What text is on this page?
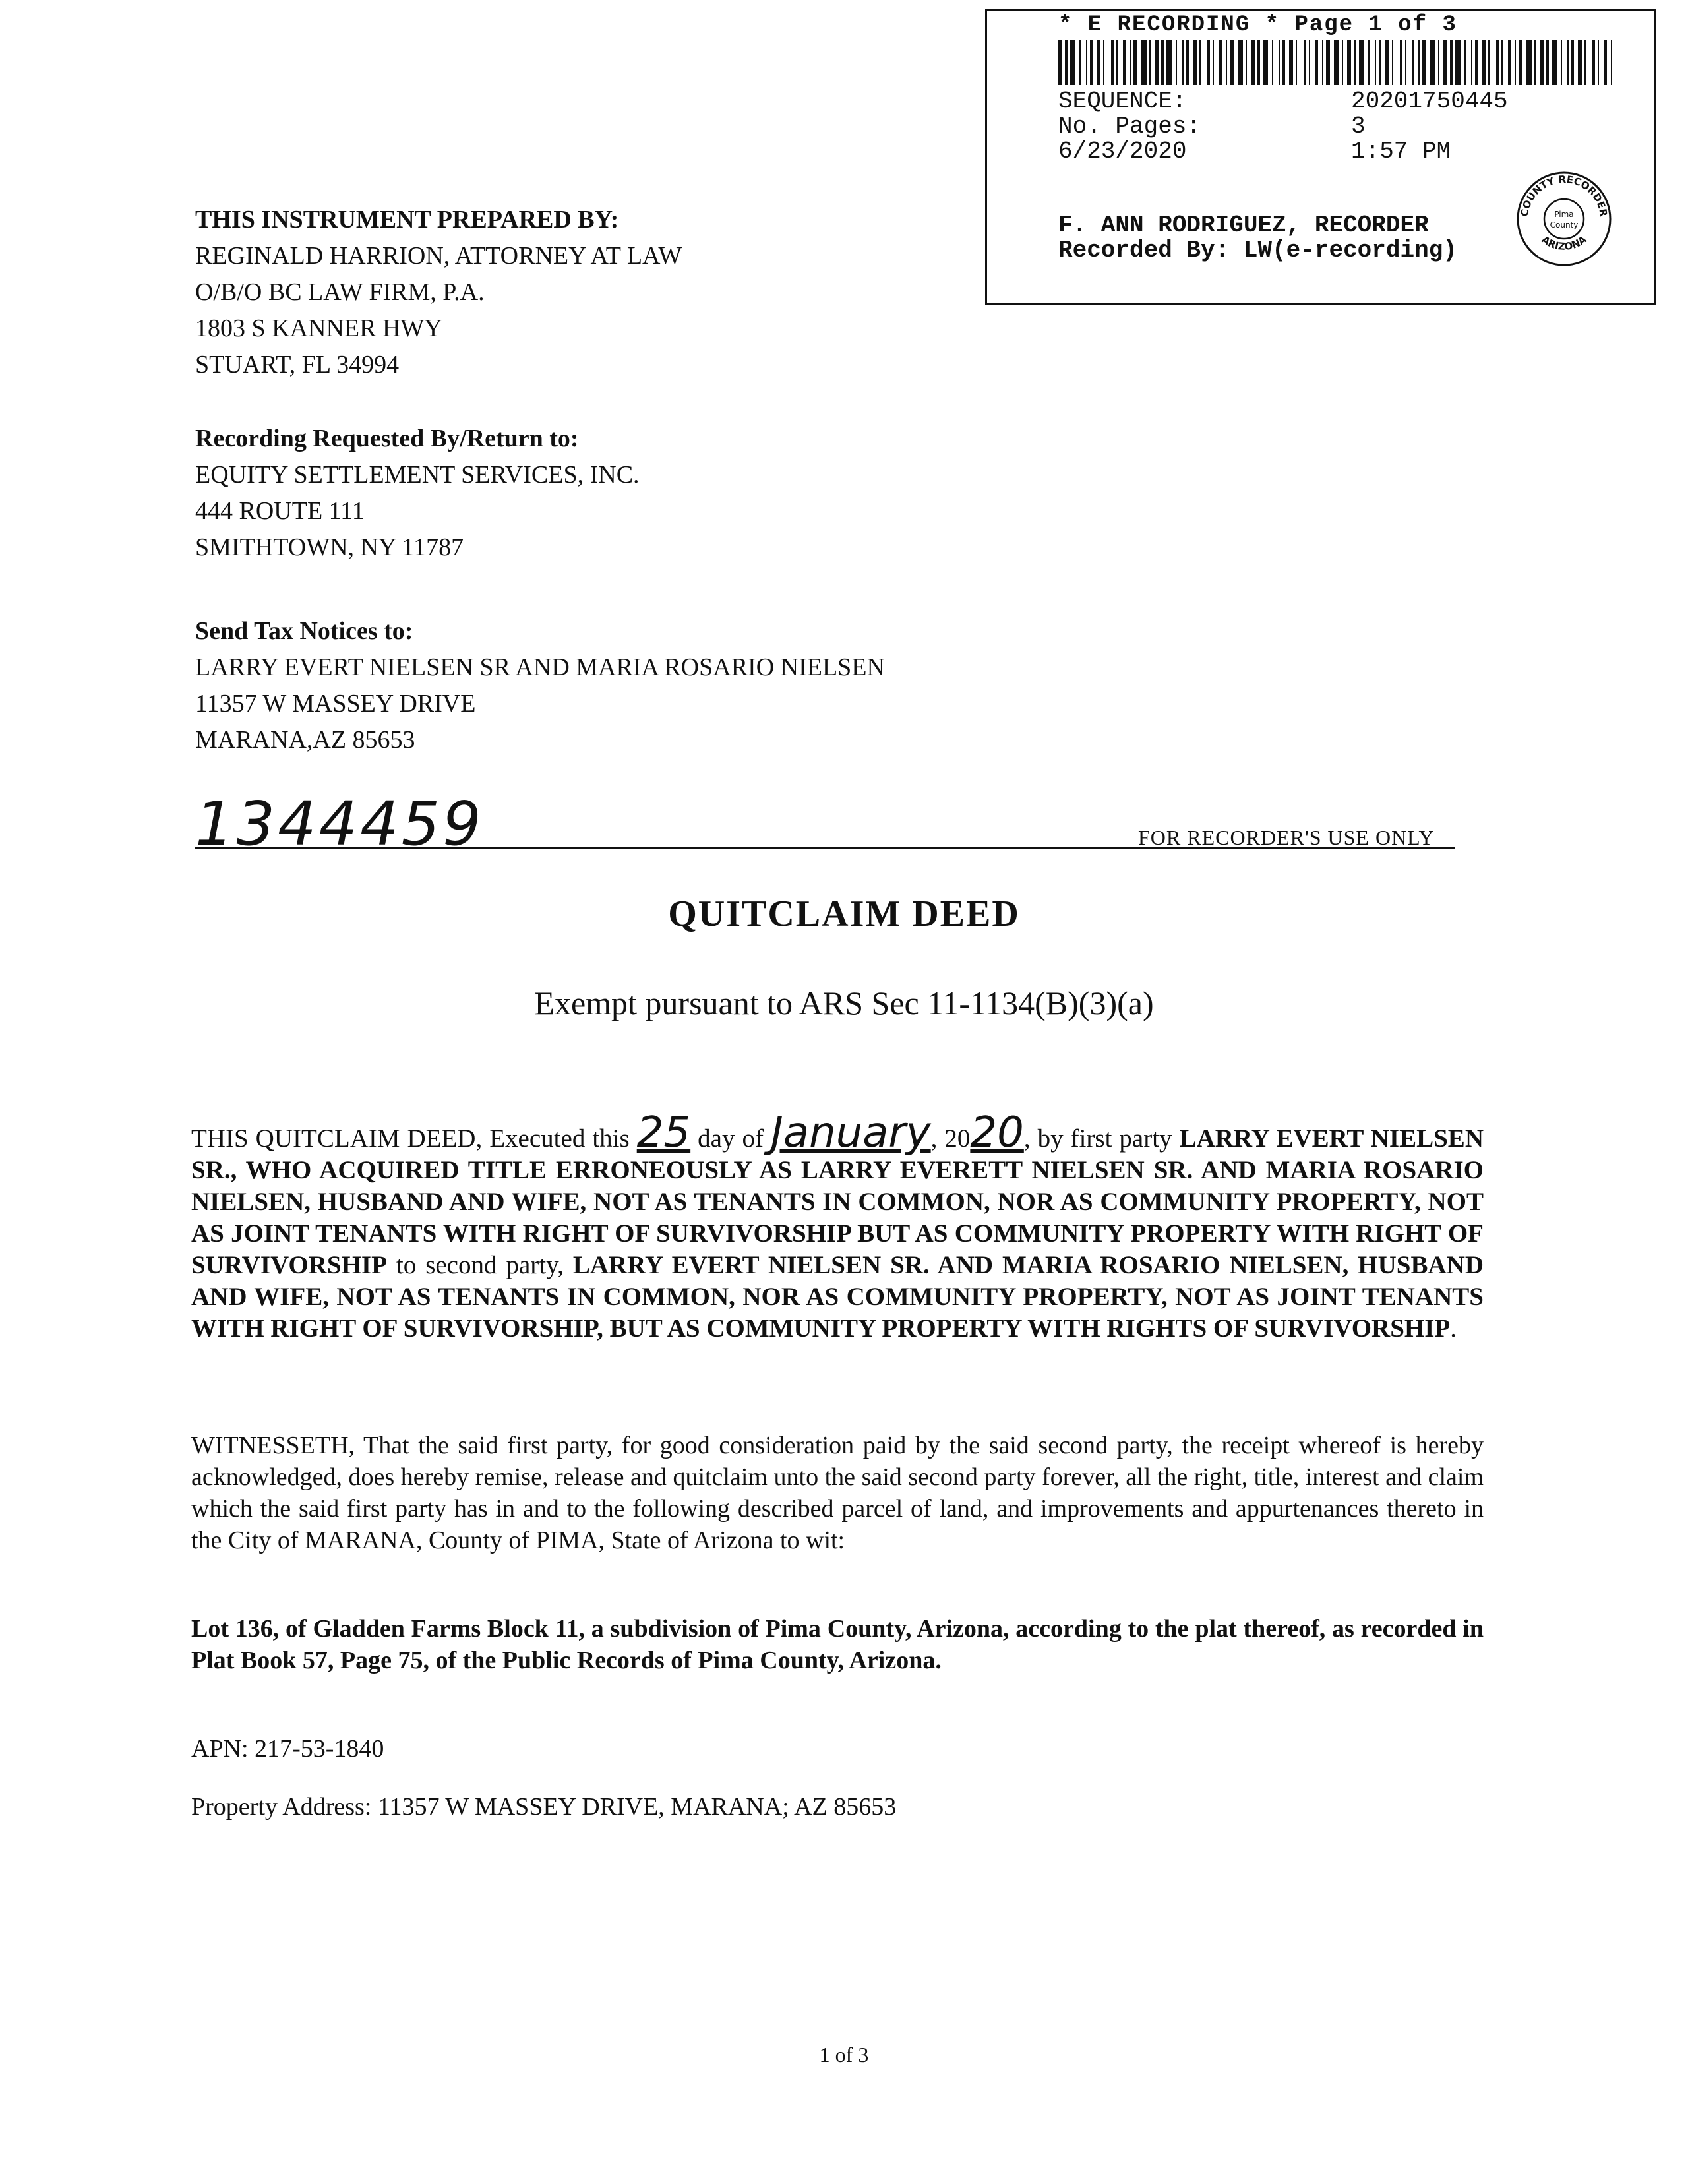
* E RECORDING * Page 1 of 3
SEQUENCE:	20201750445
No. Pages:	3
6/23/2020	1:57 PM
F. ANN RODRIGUEZ, RECORDER
Recorded By: LW(e-recording)
COUNTY RECORDER
ARIZONA
Pima
County
THIS INSTRUMENT PREPARED BY:
REGINALD HARRION, ATTORNEY AT LAW
O/B/O BC LAW FIRM, P.A.
1803 S KANNER HWY
STUART, FL 34994
Recording Requested By/Return to:
EQUITY SETTLEMENT SERVICES, INC.
444 ROUTE 111
SMITHTOWN, NY 11787
Send Tax Notices to:
LARRY EVERT NIELSEN SR AND MARIA ROSARIO NIELSEN
11357 W MASSEY DRIVE
MARANA,AZ 85653
1344459	FOR RECORDER'S USE ONLY
QUITCLAIM DEED
Exempt pursuant to ARS Sec 11-1134(B)(3)(a)
THIS QUITCLAIM DEED, Executed this 25 day of January, 2020, by first party LARRY EVERT NIELSEN SR., WHO ACQUIRED TITLE ERRONEOUSLY AS LARRY EVERETT NIELSEN SR. AND MARIA ROSARIO NIELSEN, HUSBAND AND WIFE, NOT AS TENANTS IN COMMON, NOR AS COMMUNITY PROPERTY, NOT AS JOINT TENANTS WITH RIGHT OF SURVIVORSHIP BUT AS COMMUNITY PROPERTY WITH RIGHT OF SURVIVORSHIP to second party, LARRY EVERT NIELSEN SR. AND MARIA ROSARIO NIELSEN, HUSBAND AND WIFE, NOT AS TENANTS IN COMMON, NOR AS COMMUNITY PROPERTY, NOT AS JOINT TENANTS WITH RIGHT OF SURVIVORSHIP, BUT AS COMMUNITY PROPERTY WITH RIGHTS OF SURVIVORSHIP.
WITNESSETH, That the said first party, for good consideration paid by the said second party, the receipt whereof is hereby acknowledged, does hereby remise, release and quitclaim unto the said second party forever, all the right, title, interest and claim which the said first party has in and to the following described parcel of land, and improvements and appurtenances thereto in the City of MARANA, County of PIMA, State of Arizona to wit:
Lot 136, of Gladden Farms Block 11, a subdivision of Pima County, Arizona, according to the plat thereof, as recorded in Plat Book 57, Page 75, of the Public Records of Pima County, Arizona.
APN: 217-53-1840
Property Address: 11357 W MASSEY DRIVE, MARANA; AZ 85653
1 of 3
